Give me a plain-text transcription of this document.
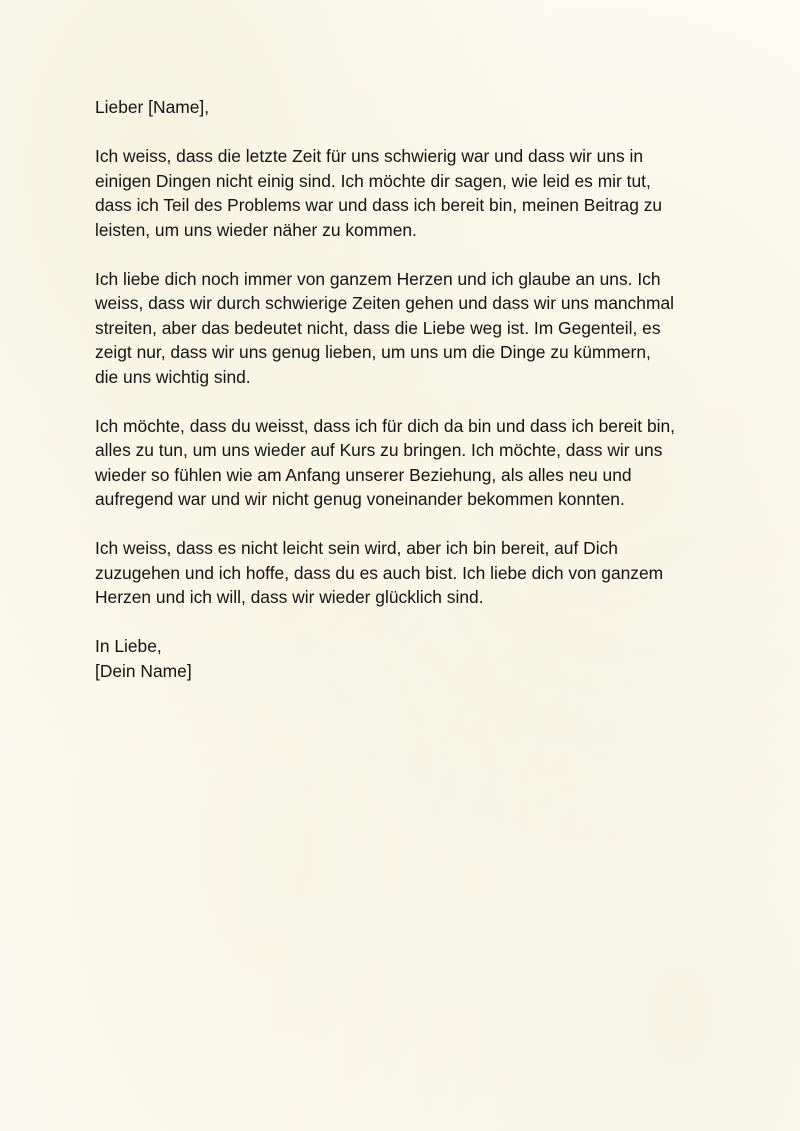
Lieber [Name],

Ich weiss, dass die letzte Zeit für uns schwierig war und dass wir uns in
einigen Dingen nicht einig sind. Ich möchte dir sagen, wie leid es mir tut,
dass ich Teil des Problems war und dass ich bereit bin, meinen Beitrag zu
leisten, um uns wieder näher zu kommen.

Ich liebe dich noch immer von ganzem Herzen und ich glaube an uns. Ich
weiss, dass wir durch schwierige Zeiten gehen und dass wir uns manchmal
streiten, aber das bedeutet nicht, dass die Liebe weg ist. Im Gegenteil, es
zeigt nur, dass wir uns genug lieben, um uns um die Dinge zu kümmern,
die uns wichtig sind.

Ich möchte, dass du weisst, dass ich für dich da bin und dass ich bereit bin,
alles zu tun, um uns wieder auf Kurs zu bringen. Ich möchte, dass wir uns
wieder so fühlen wie am Anfang unserer Beziehung, als alles neu und
aufregend war und wir nicht genug voneinander bekommen konnten.

Ich weiss, dass es nicht leicht sein wird, aber ich bin bereit, auf Dich
zuzugehen und ich hoffe, dass du es auch bist. Ich liebe dich von ganzem
Herzen und ich will, dass wir wieder glücklich sind.

In Liebe,
[Dein Name]
